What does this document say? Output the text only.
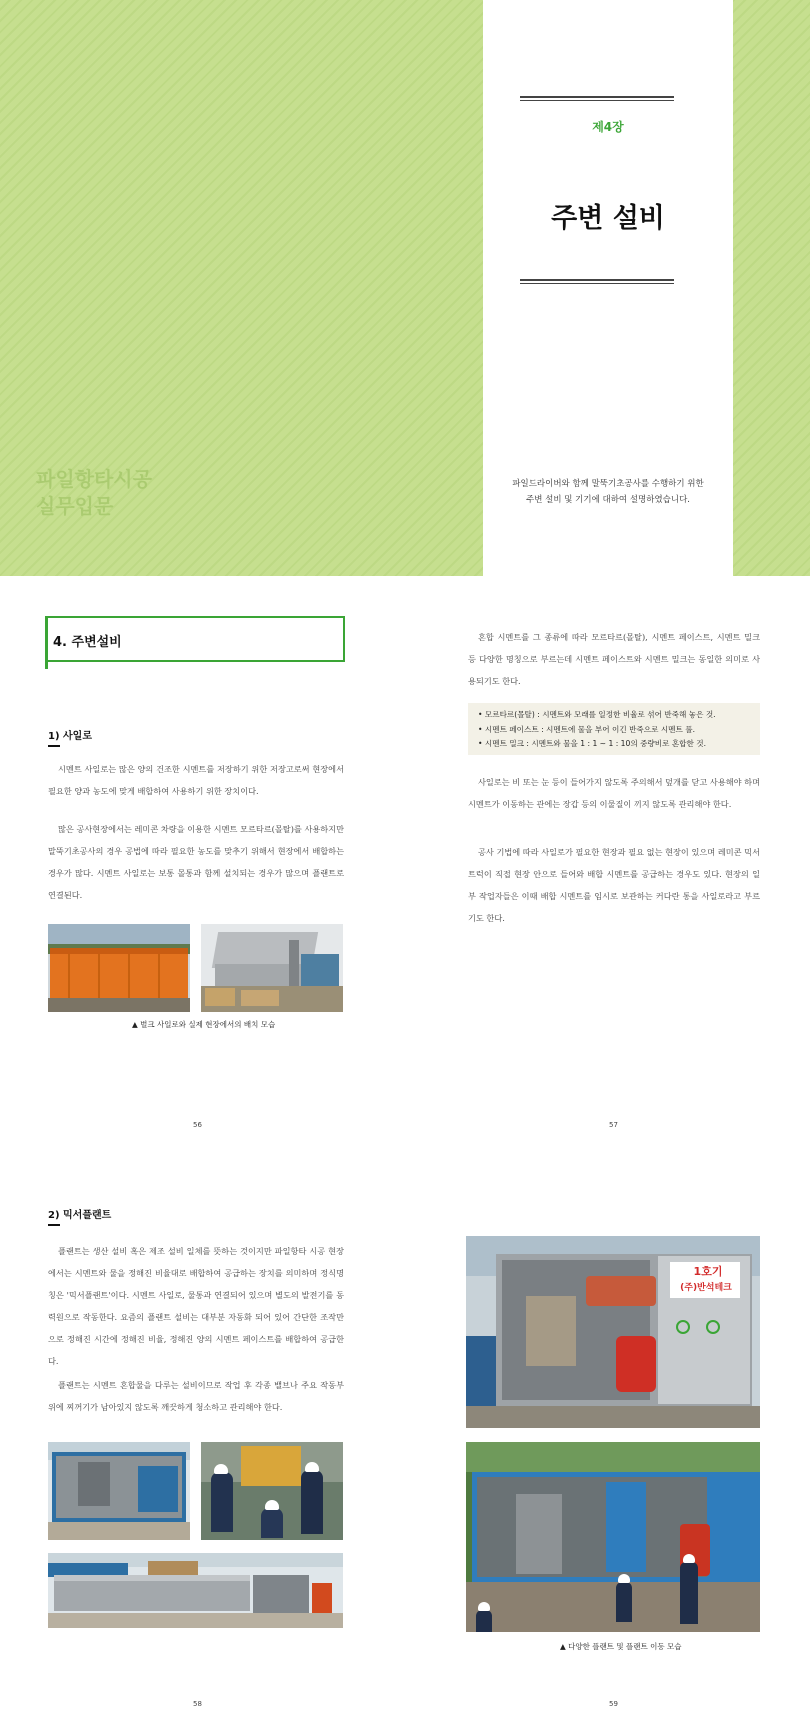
파일항타시공
실무입문
제4장
주변 설비
파일드라이버와 함께 말뚝기초공사를 수행하기 위한
주변 설비 및 기기에 대하여 설명하였습니다.
4. 주변설비
1) 사일로

시멘트 사일로는 많은 양의 건조한 시멘트를 저장하기 위한 저장고로써 현장에서 필요한 양과 농도에 맞게 배합하여 사용하기 위한 장치이다.

많은 공사현장에서는 레미콘 차량을 이용한 시멘트 모르타르(몰탈)를 사용하지만 말뚝기초공사의 경우 공법에 따라 필요한 농도를 맞추기 위해서 현장에서 배합하는 경우가 많다. 시멘트 사일로는 보통 몰통과 함께 설치되는 경우가 많으며 플랜트로 연결된다.

▲ 벌크 사일로와 실제 현장에서의 배치 모습
56

혼합 시멘트를 그 종류에 따라 모르타르(몰탈), 시멘트 페이스트, 시멘트 밀크 등 다양한 명칭으로 부르는데 시멘트 페이스트와 시멘트 밀크는 동일한 의미로 사용되기도 한다.

• 모르타르(몰탈) : 시멘트와 모래를 일정한 비율로 섞어 반죽해 놓은 것.
• 시멘트 페이스트 : 시멘트에 물을 부어 이긴 반죽으로 시멘트 풀.
• 시멘트 밀크 : 시멘트와 물을 1 : 1 ~ 1 : 10의 중량비로 혼합한 것.

사일로는 비 또는 눈 등이 들어가지 않도록 주의해서 덮개를 닫고 사용해야 하며 시멘트가 이동하는 관에는 장갑 등의 이물질이 끼지 않도록 관리해야 한다.

공사 기법에 따라 사일로가 필요한 현장과 필요 없는 현장이 있으며 레미콘 믹서 트럭이 직접 현장 안으로 들어와 배합 시멘트를 공급하는 경우도 있다. 현장의 일부 작업자들은 이때 배합 시멘트를 임시로 보관하는 커다란 통을 사일로라고 부르기도 한다.

57
2) 믹서플랜트

플랜트는 생산 설비 혹은 제조 설비 일체를 뜻하는 것이지만 파일항타 시공 현장에서는 시멘트와 물을 정해진 비율대로 배합하여 공급하는 장치를 의미하며 정식명칭은 '믹서플랜트'이다. 시멘트 사일로, 물통과 연결되어 있으며 별도의 발전기를 동력원으로 작동한다. 요즘의 플랜트 설비는 대부분 자동화 되어 있어 간단한 조작만으로 정해진 시간에 정해진 비율, 정해진 양의 시멘트 페이스트를 배합하여 공급한다.

플랜트는 시멘트 혼합물을 다루는 설비이므로 작업 후 각종 밸브나 주요 작동부위에 찌꺼기가 남아있지 않도록 깨끗하게 청소하고 관리해야 한다.

58
1호기
(주)반석테크
▲ 다양한 플랜트 및 플랜트 이동 모습
59
